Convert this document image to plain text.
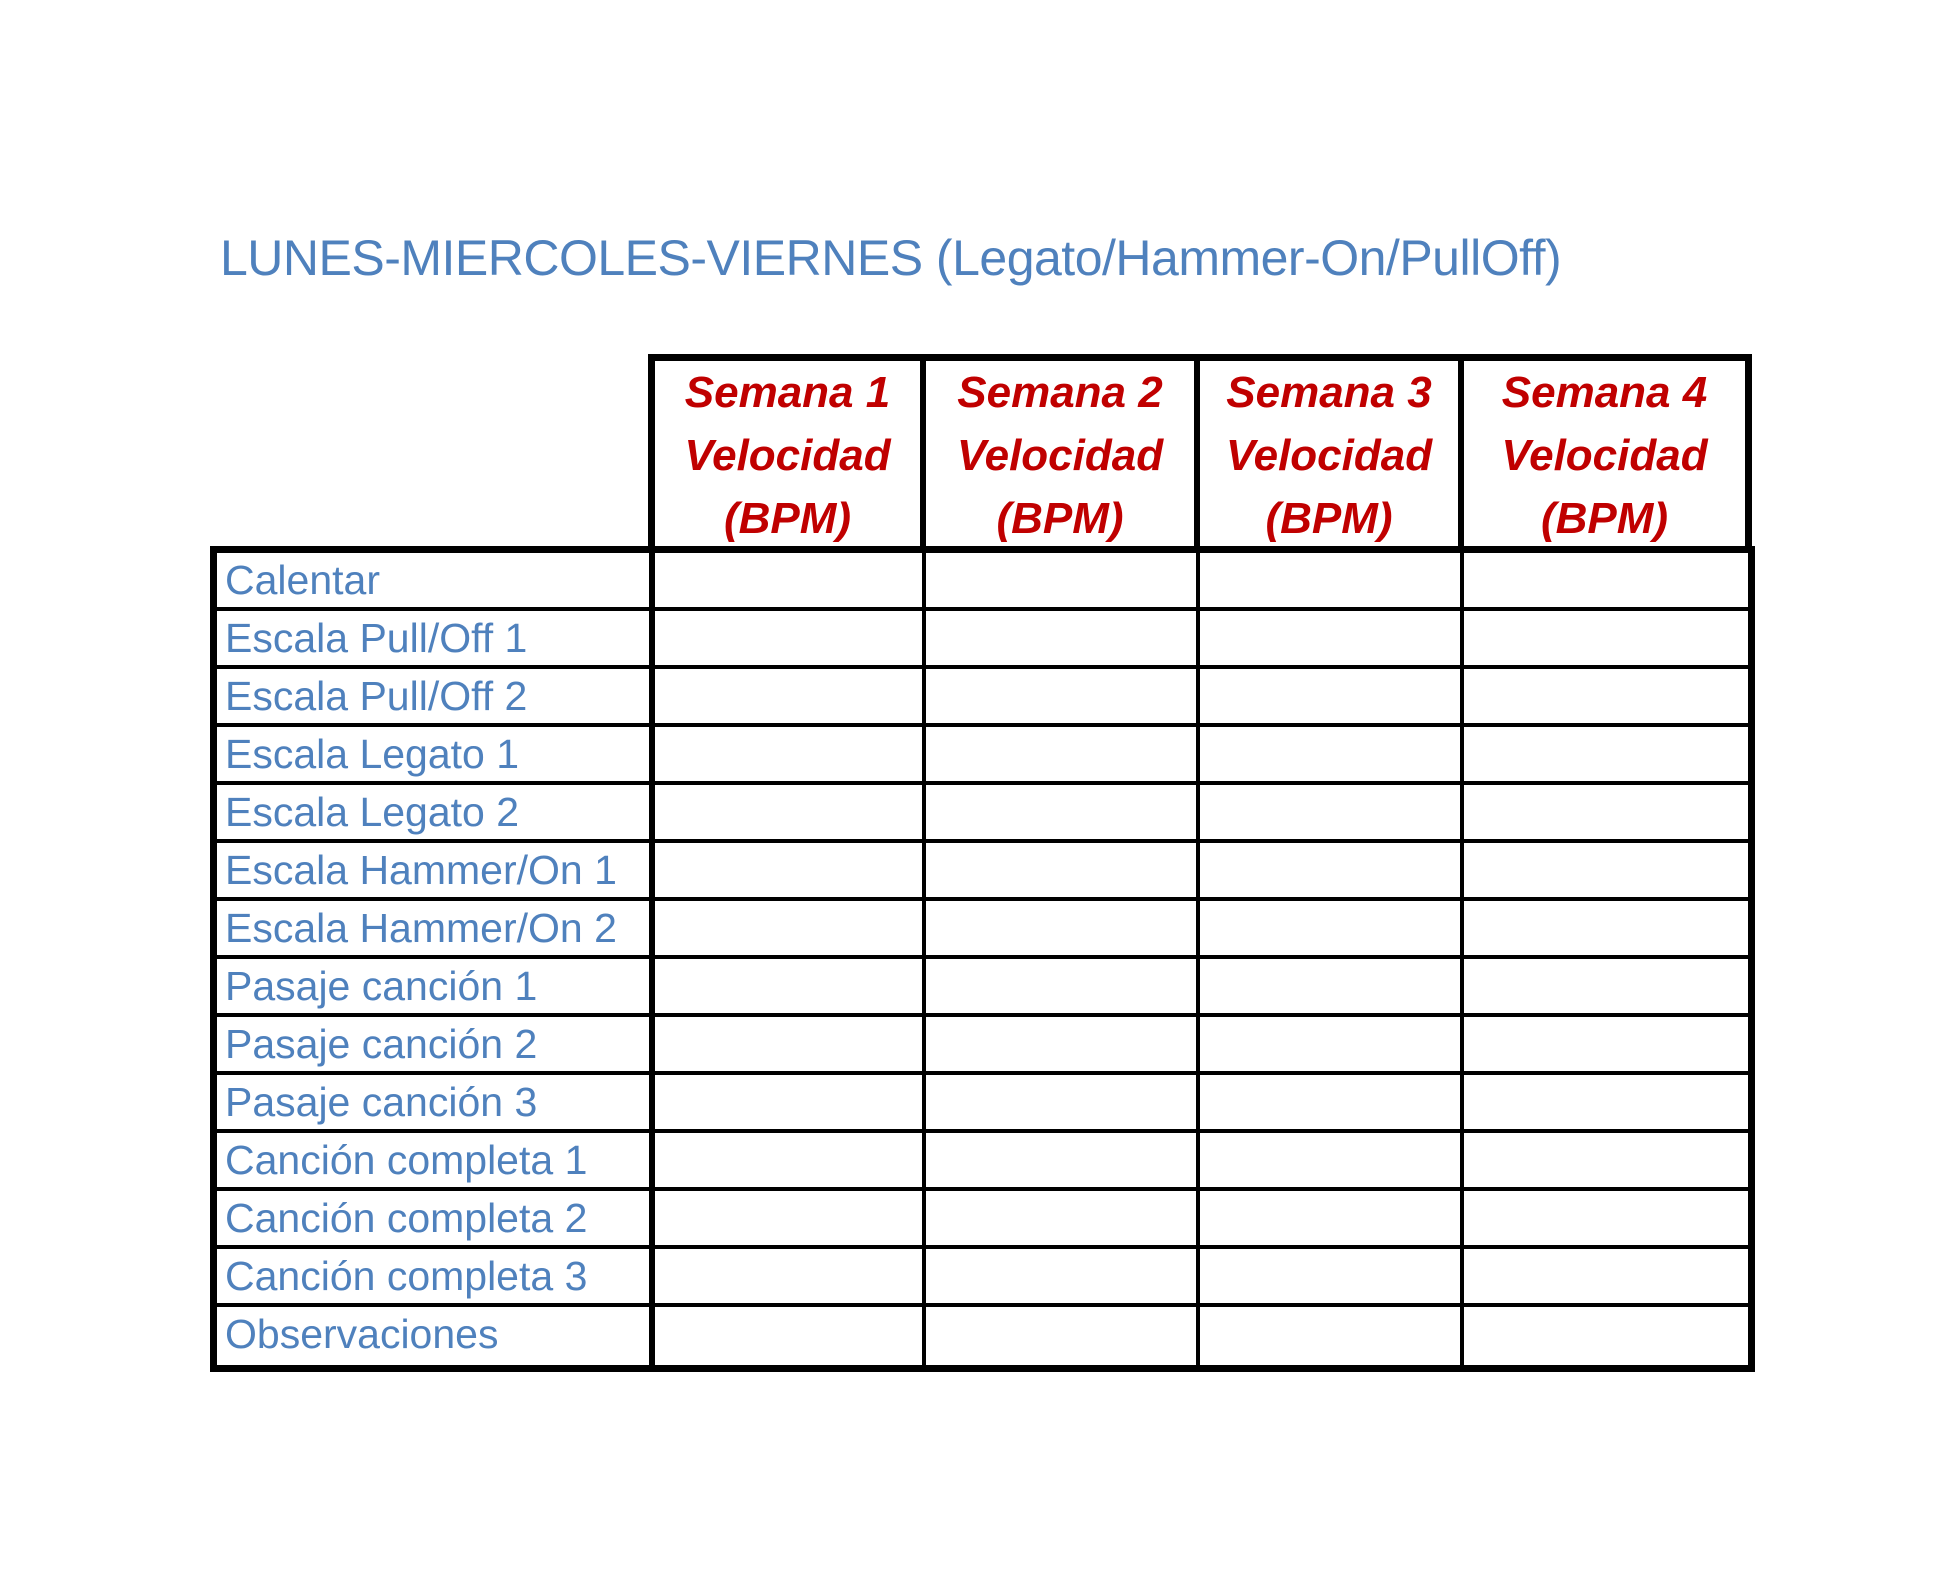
LUNES-MIERCOLES-VIERNES (Legato/Hammer-On/PullOff)
Semana 1
Velocidad
(BPM)
Semana 2
Velocidad
(BPM)
Semana 3
Velocidad
(BPM)
Semana 4
Velocidad
(BPM)
Calentar
Escala Pull/Off 1
Escala Pull/Off 2
Escala Legato 1
Escala Legato 2
Escala Hammer/On 1
Escala Hammer/On 2
Pasaje canción 1
Pasaje canción 2
Pasaje canción 3
Canción completa 1
Canción completa 2
Canción completa 3
Observaciones
